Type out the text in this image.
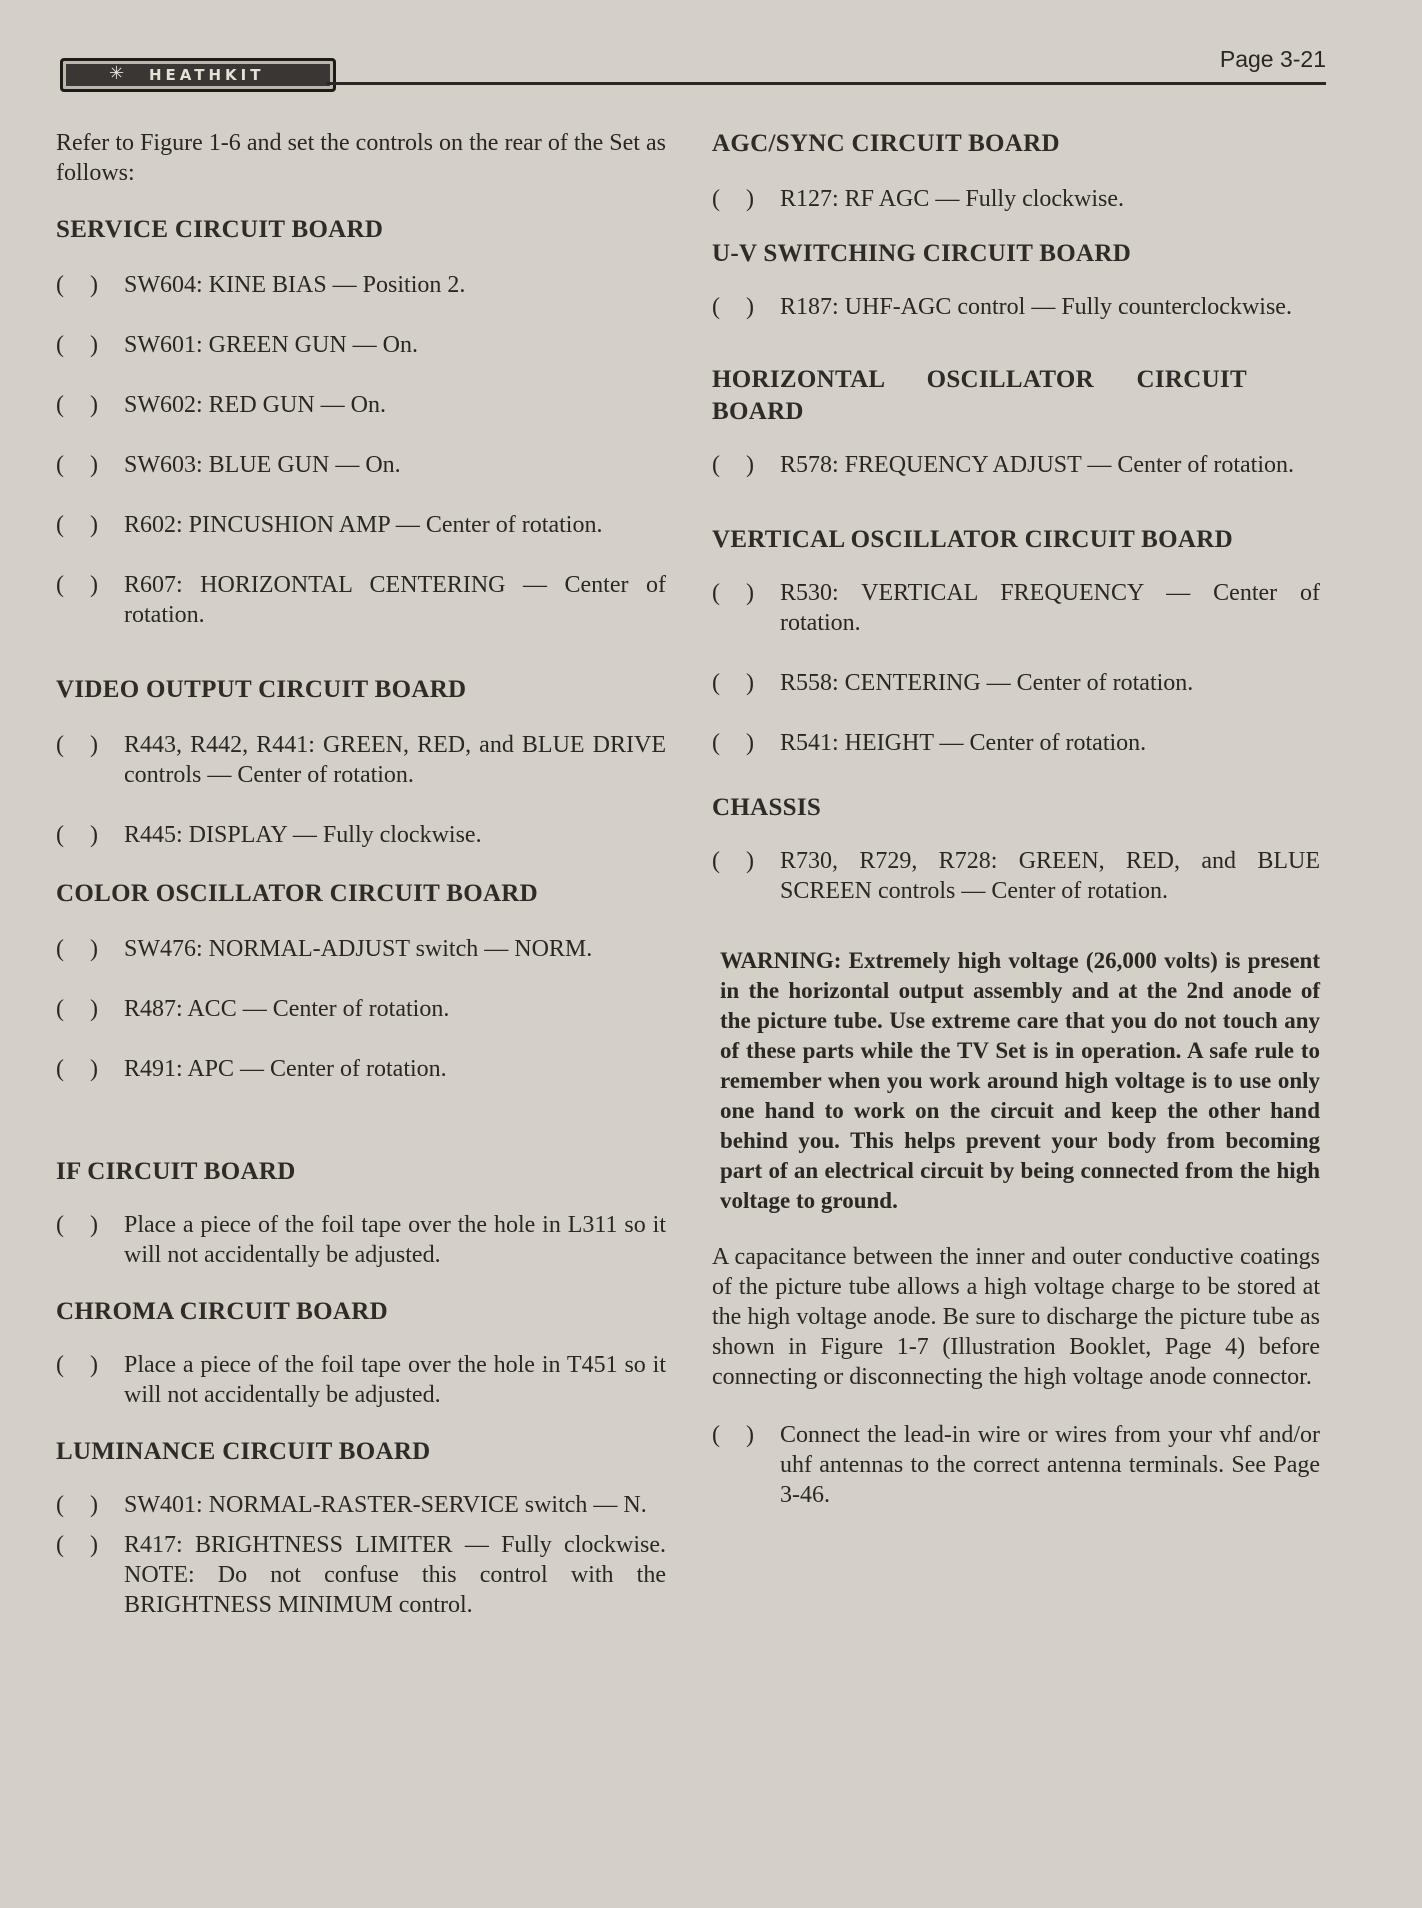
✳ HEATHKIT
Page 3-21

Refer to Figure 1-6 and set the controls on the rear of the Set as follows:

SERVICE CIRCUIT BOARD
( ) SW604: KINE BIAS — Position 2.
( ) SW601: GREEN GUN — On.
( ) SW602: RED GUN — On.
( ) SW603: BLUE GUN — On.
( ) R602: PINCUSHION AMP — Center of rotation.
( ) R607: HORIZONTAL CENTERING — Center of rotation.
VIDEO OUTPUT CIRCUIT BOARD
( ) R443, R442, R441: GREEN, RED, and BLUE DRIVE controls — Center of rotation.
( ) R445: DISPLAY — Fully clockwise.
COLOR OSCILLATOR CIRCUIT BOARD
( ) SW476: NORMAL-ADJUST switch — NORM.
( ) R487: ACC — Center of rotation.
( ) R491: APC — Center of rotation.
IF CIRCUIT BOARD
( ) Place a piece of the foil tape over the hole in L311 so it will not accidentally be adjusted.
CHROMA CIRCUIT BOARD
( ) Place a piece of the foil tape over the hole in T451 so it will not accidentally be adjusted.
LUMINANCE CIRCUIT BOARD
( ) SW401: NORMAL-RASTER-SERVICE switch — N.
( ) R417: BRIGHTNESS LIMITER — Fully clockwise. NOTE: Do not confuse this control with the BRIGHTNESS MINIMUM control.
AGC/SYNC CIRCUIT BOARD
( ) R127: RF AGC — Fully clockwise.
U-V SWITCHING CIRCUIT BOARD
( ) R187: UHF-AGC control — Fully counterclockwise.
HORIZONTAL OSCILLATOR CIRCUIT BOARD
( ) R578: FREQUENCY ADJUST — Center of rotation.
VERTICAL OSCILLATOR CIRCUIT BOARD
( ) R530: VERTICAL FREQUENCY — Center of rotation.
( ) R558: CENTERING — Center of rotation.
( ) R541: HEIGHT — Center of rotation.
CHASSIS
( ) R730, R729, R728: GREEN, RED, and BLUE SCREEN controls — Center of rotation.
WARNING: Extremely high voltage (26,000 volts) is present in the horizontal output assembly and at the 2nd anode of the picture tube. Use extreme care that you do not touch any of these parts while the TV Set is in operation. A safe rule to remember when you work around high voltage is to use only one hand to work on the circuit and keep the other hand behind you. This helps prevent your body from becoming part of an electrical circuit by being connected from the high voltage to ground.

A capacitance between the inner and outer conductive coatings of the picture tube allows a high voltage charge to be stored at the high voltage anode. Be sure to discharge the picture tube as shown in Figure 1-7 (Illustration Booklet, Page 4) before connecting or disconnecting the high voltage anode connector.

( ) Connect the lead-in wire or wires from your vhf and/or uhf antennas to the correct antenna terminals. See Page 3-46.
